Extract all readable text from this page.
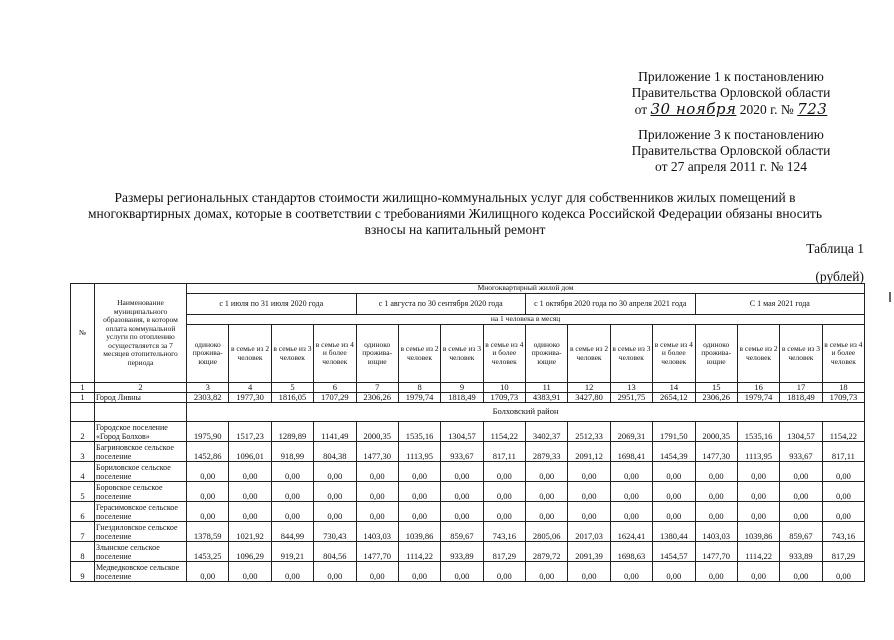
Приложение 1 к постановлению
Правительства Орловской области
от 30 ноября 2020 г. № 723
Приложение 3 к постановлению
Правительства Орловской области
от 27 апреля 2011 г. № 124
Размеры региональных стандартов стоимости жилищно-коммунальных услуг для собственников жилых помещений в многоквартирных домах, которые в соответствии с требованиями Жилищного кодекса Российской Федерации обязаны вносить взносы на капитальный ремонт
Таблица 1
(рублей)
№	Наименование муниципального образования, в котором оплата коммунальной услуги по отоплению осуществляется за 7 месяцев отопительного периода	Многоквартирный жилой дом															
		с 1 июля по 31 июля 2020 года				с 1 августа по 30 сентября 2020 года				с 1 октября 2020 года по 30 апреля 2021 года				С 1 мая 2021 года			
		на 1 человека в месяц															
		одиноко прожива-ющие	в семье из 2 человек	в семье из 3 человек	в семье из 4 и более человек	одиноко прожива-ющие	в семье из 2 человек	в семье из 3 человек	в семье из 4 и более человек	одиноко прожива-ющие	в семье из 2 человек	в семье из 3 человек	в семье из 4 и более человек	одиноко прожива-ющие	в семье из 2 человек	в семье из 3 человек	в семье из 4 и более человек
1	2	3	4	5	6	7	8	9	10	11	12	13	14	15	16	17	18
1	Город Ливны	2303,82	1977,30	1816,05	1707,29	2306,26	1979,74	1818,49	1709,73	4383,91	3427,80	2951,75	2654,12	2306,26	1979,74	1818,49	1709,73
		Болховский район															
2	Городское поселение «Город Болхов»	1975,90	1517,23	1289,89	1141,49	2000,35	1535,16	1304,57	1154,22	3402,37	2512,33	2069,31	1791,50	2000,35	1535,16	1304,57	1154,22
3	Багриновское сельское поселение	1452,86	1096,01	918,99	804,38	1477,30	1113,95	933,67	817,11	2879,33	2091,12	1698,41	1454,39	1477,30	1113,95	933,67	817,11
4	Бориловское сельское поселение	0,00	0,00	0,00	0,00	0,00	0,00	0,00	0,00	0,00	0,00	0,00	0,00	0,00	0,00	0,00	0,00
5	Боровское сельское поселение	0,00	0,00	0,00	0,00	0,00	0,00	0,00	0,00	0,00	0,00	0,00	0,00	0,00	0,00	0,00	0,00
6	Герасимовское сельское поселение	0,00	0,00	0,00	0,00	0,00	0,00	0,00	0,00	0,00	0,00	0,00	0,00	0,00	0,00	0,00	0,00
7	Гнездиловское сельское поселение	1378,59	1021,92	844,99	730,43	1403,03	1039,86	859,67	743,16	2805,06	2017,03	1624,41	1380,44	1403,03	1039,86	859,67	743,16
8	Злынское сельское поселение	1453,25	1096,29	919,21	804,56	1477,70	1114,22	933,89	817,29	2879,72	2091,39	1698,63	1454,57	1477,70	1114,22	933,89	817,29
9	Медведковское сельское поселение	0,00	0,00	0,00	0,00	0,00	0,00	0,00	0,00	0,00	0,00	0,00	0,00	0,00	0,00	0,00	0,00
